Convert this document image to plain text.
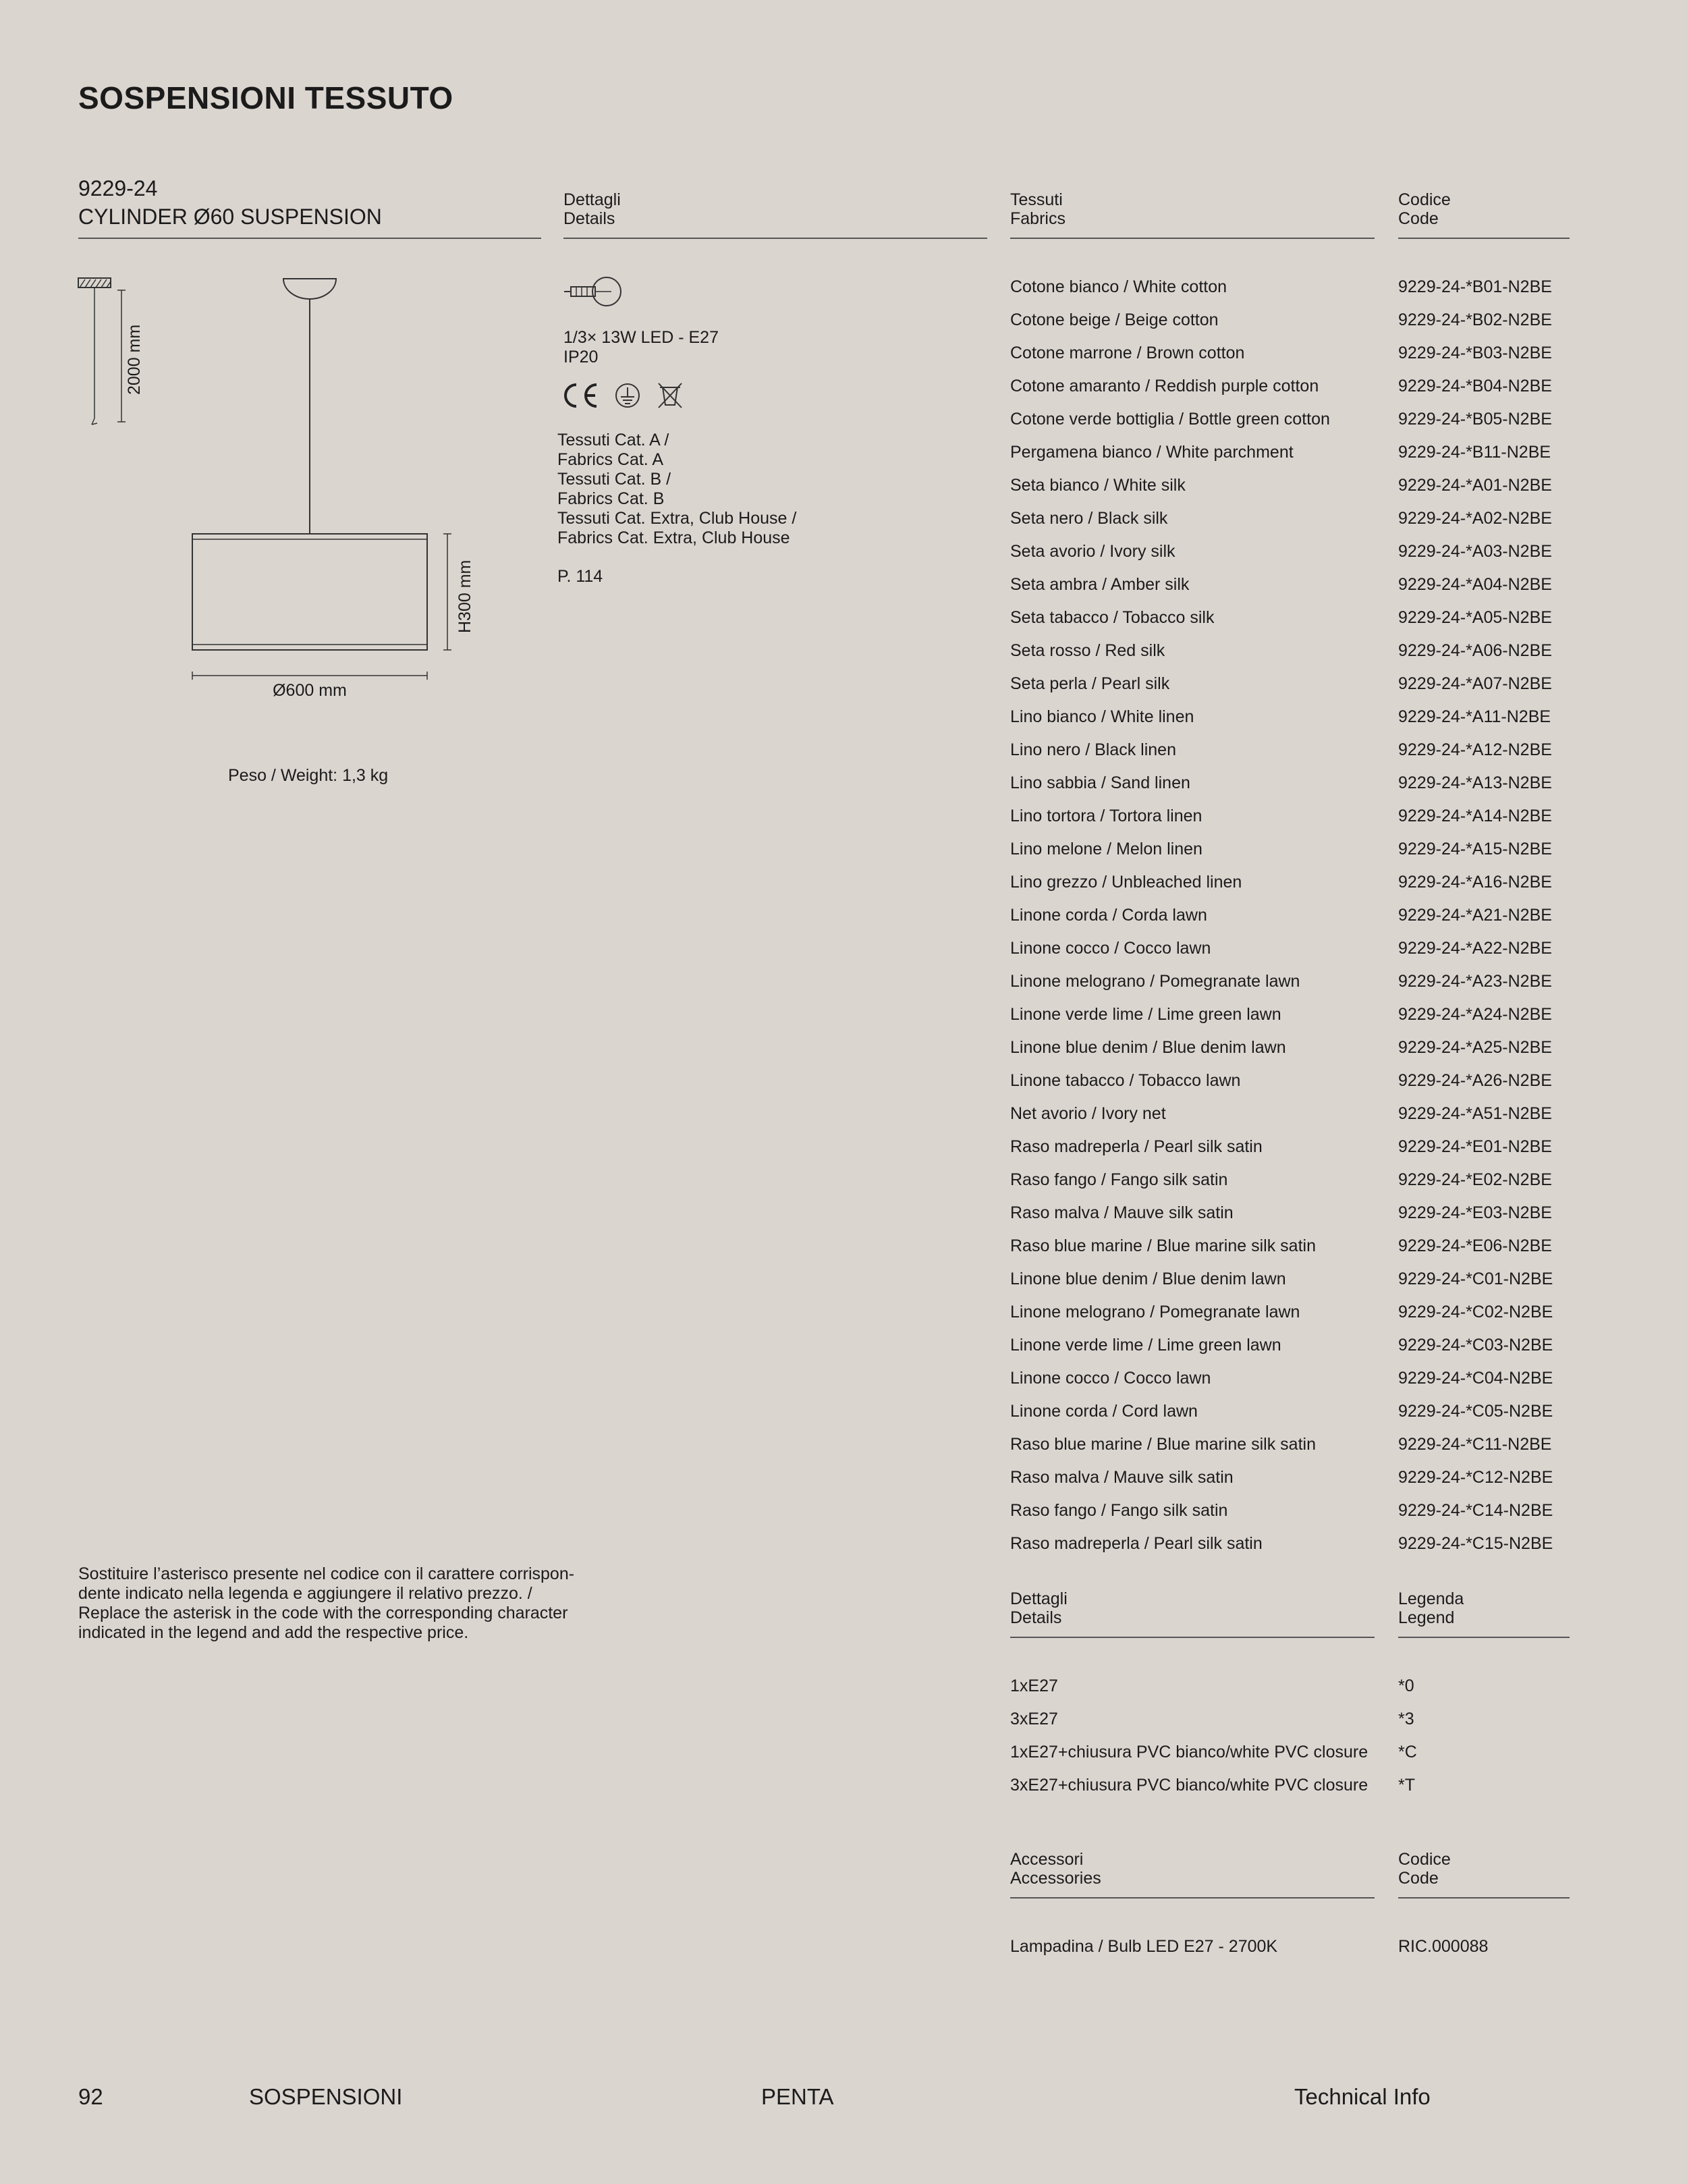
SOSPENSIONI TESSUTO
9229-24
CYLINDER Ø60 SUSPENSION
Dettagli
Details
Tessuti
Fabrics
Codice
Code
2000 mm
H300 mm
Ø600 mm
Peso / Weight: 1,3 kg
1/3× 13W LED - E27
IP20
Tessuti Cat. A /
Fabrics Cat. A
Tessuti Cat. B /
Fabrics Cat. B
Tessuti Cat. Extra, Club House /
Fabrics Cat. Extra, Club House
P. 114
Cotone bianco / White cotton	9229-24-*B01-N2BE
Cotone beige / Beige cotton	9229-24-*B02-N2BE
Cotone marrone / Brown cotton	9229-24-*B03-N2BE
Cotone amaranto / Reddish purple cotton	9229-24-*B04-N2BE
Cotone verde bottiglia / Bottle green cotton	9229-24-*B05-N2BE
Pergamena bianco / White parchment	9229-24-*B11-N2BE
Seta bianco / White silk	9229-24-*A01-N2BE
Seta nero / Black silk	9229-24-*A02-N2BE
Seta avorio / Ivory silk	9229-24-*A03-N2BE
Seta ambra / Amber silk	9229-24-*A04-N2BE
Seta tabacco / Tobacco silk	9229-24-*A05-N2BE
Seta rosso / Red silk	9229-24-*A06-N2BE
Seta perla / Pearl silk	9229-24-*A07-N2BE
Lino bianco / White linen	9229-24-*A11-N2BE
Lino nero / Black linen	9229-24-*A12-N2BE
Lino sabbia / Sand linen	9229-24-*A13-N2BE
Lino tortora / Tortora linen	9229-24-*A14-N2BE
Lino melone / Melon linen	9229-24-*A15-N2BE
Lino grezzo / Unbleached linen	9229-24-*A16-N2BE
Linone corda / Corda lawn	9229-24-*A21-N2BE
Linone cocco / Cocco lawn	9229-24-*A22-N2BE
Linone melograno / Pomegranate lawn	9229-24-*A23-N2BE
Linone verde lime / Lime green lawn	9229-24-*A24-N2BE
Linone blue denim / Blue denim lawn	9229-24-*A25-N2BE
Linone tabacco / Tobacco lawn	9229-24-*A26-N2BE
Net avorio / Ivory net	9229-24-*A51-N2BE
Raso madreperla / Pearl silk satin	9229-24-*E01-N2BE
Raso fango / Fango silk satin	9229-24-*E02-N2BE
Raso malva / Mauve silk satin	9229-24-*E03-N2BE
Raso blue marine / Blue marine silk satin	9229-24-*E06-N2BE
Linone blue denim / Blue denim lawn	9229-24-*C01-N2BE
Linone melograno / Pomegranate lawn	9229-24-*C02-N2BE
Linone verde lime / Lime green lawn	9229-24-*C03-N2BE
Linone cocco / Cocco lawn	9229-24-*C04-N2BE
Linone corda / Cord lawn	9229-24-*C05-N2BE
Raso blue marine / Blue marine silk satin	9229-24-*C11-N2BE
Raso malva / Mauve silk satin	9229-24-*C12-N2BE
Raso fango / Fango silk satin	9229-24-*C14-N2BE
Raso madreperla / Pearl silk satin	9229-24-*C15-N2BE
Dettagli
Details
Legenda
Legend
1xE27	*0
3xE27	*3
1xE27+chiusura PVC bianco/white PVC closure *C
3xE27+chiusura PVC bianco/white PVC closure *T
Accessori
Accessories
Codice
Code
Lampadina / Bulb LED E27 - 2700K	RIC.000088
Sostituire l’asterisco presente nel codice con il carattere corrispon-
dente indicato nella legenda e aggiungere il relativo prezzo. /
Replace the asterisk in the code with the corresponding character
indicated in the legend and add the respective price.
92	SOSPENSIONI	PENTA	Technical Info
